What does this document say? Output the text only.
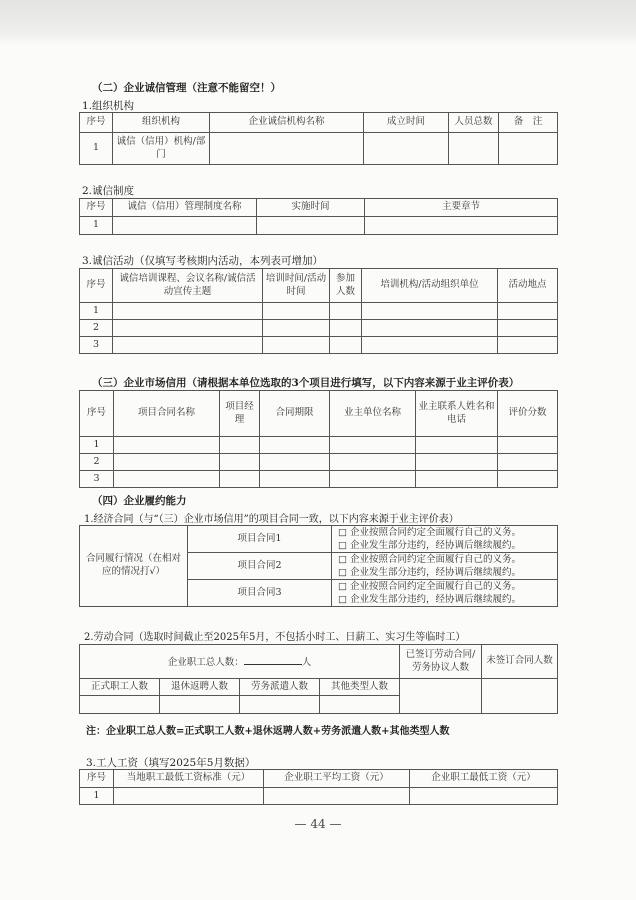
（二）企业诚信管理（注意不能留空！）
1.组织机构
序号	组织机构	企业诚信机构名称	成立时间	人员总数	备　注
1	诚信（信用）机构/部门				
2.诚信制度
序号	诚信（信用）管理制度名称	实施时间	主要章节
1			
3.诚信活动（仅填写考核期内活动，本列表可增加）
序号	诚信培训课程、会议名称/诚信活动宣传主题	培训时间/活动时间	参加人数	培训机构/活动组织单位	活动地点
1					
2					
3					
（三）企业市场信用（请根据本单位选取的3个项目进行填写，以下内容来源于业主评价表）
序号	项目合同名称	项目经理	合同期限	业主单位名称	业主联系人姓名和电话	评价分数
1						
2						
3						
（四）企业履约能力
1.经济合同（与“（三）企业市场信用”的项目合同一致，以下内容来源于业主评价表）
合同履行情况（在相对应的情况打√）	项目合同1	□ 企业按照合同约定全面履行自己的义务。
□ 企业发生部分违约，经协调后继续履约。

	项目合同2	□ 企业按照合同约定全面履行自己的义务。
□ 企业发生部分违约，经协调后继续履约。

	项目合同3	□ 企业按照合同约定全面履行自己的义务。
□ 企业发生部分违约，经协调后继续履约。
2.劳动合同（选取时间截止至2025年5月，不包括小时工、日薪工、实习生等临时工）
企业职工总人数： 人				已签订劳动合同/劳务协议人数	未签订合同人数
正式职工人数	退休返聘人数	劳务派遣人数	其他类型人数		

注：企业职工总人数=正式职工人数+退休返聘人数+劳务派遣人数+其他类型人数
3.工人工资（填写2025年5月数据）
序号	当地职工最低工资标准（元）	企业职工平均工资（元）	企业职工最低工资（元）
1			
— 44 —
